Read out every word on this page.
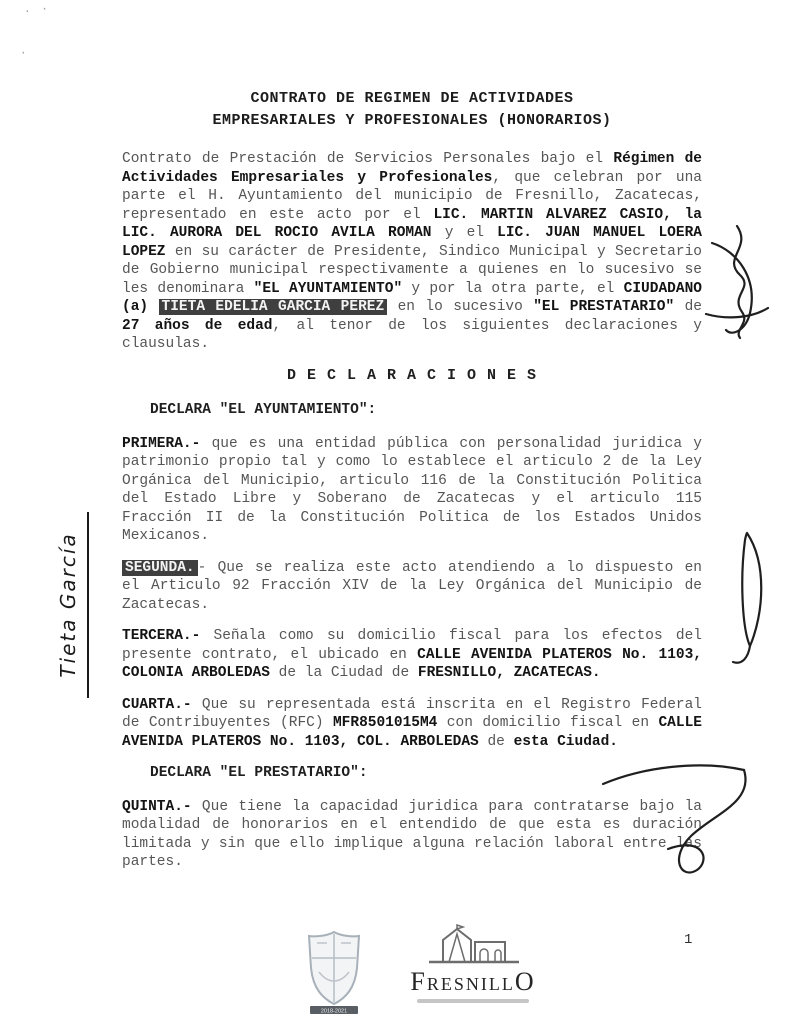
. ·
·
CONTRATO DE REGIMEN DE ACTIVIDADES
EMPRESARIALES Y PROFESIONALES (HONORARIOS)

Contrato de Prestación de Servicios Personales bajo el Régimen de Actividades Empresariales y Profesionales, que celebran por una parte el H. Ayuntamiento del municipio de Fresnillo, Zacatecas, representado en este acto por el LIC. MARTIN ALVAREZ CASIO, la LIC. AURORA DEL ROCIO AVILA ROMAN y el LIC. JUAN MANUEL LOERA LOPEZ en su carácter de Presidente, Sindico Municipal y Secretario de Gobierno municipal respectivamente a quienes en lo sucesivo se les denominara "EL AYUNTAMIENTO" y por la otra parte, el CIUDADANO (a) TIETA EDELIA GARCIA PEREZ en lo sucesivo "EL PRESTATARIO" de 27 años de edad, al tenor de los siguientes declaraciones y clausulas.

D E C L A R A C I O N E S
DECLARA "EL AYUNTAMIENTO":

PRIMERA.- que es una entidad pública con personalidad juridica y patrimonio propio tal y como lo establece el articulo 2 de la Ley Orgánica del Municipio, articulo 116 de la Constitución Politica del Estado Libre y Soberano de Zacatecas y el articulo 115 Fracción II de la Constitución Politica de los Estados Unidos Mexicanos.

SEGUNDA. - Que se realiza este acto atendiendo a lo dispuesto en el Articulo 92 Fracción XIV de la Ley Orgánica del Municipio de Zacatecas.

TERCERA.- Señala como su domicilio fiscal para los efectos del presente contrato, el ubicado en CALLE AVENIDA PLATEROS No. 1103, COLONIA ARBOLEDAS de la Ciudad de FRESNILLO, ZACATECAS.

CUARTA.- Que su representada está inscrita en el Registro Federal de Contribuyentes (RFC) MFR8501015M4 con domicilio fiscal en CALLE AVENIDA PLATEROS No. 1103, COL. ARBOLEDAS de esta Ciudad.

DECLARA "EL PRESTATARIO":

QUINTA.- Que tiene la capacidad juridica para contratarse bajo la modalidad de honorarios en el entendido de que esta es duración limitada y sin que ello implique alguna relación laboral entre las partes.

Tieta García
1
2018-2021
FresnillO
